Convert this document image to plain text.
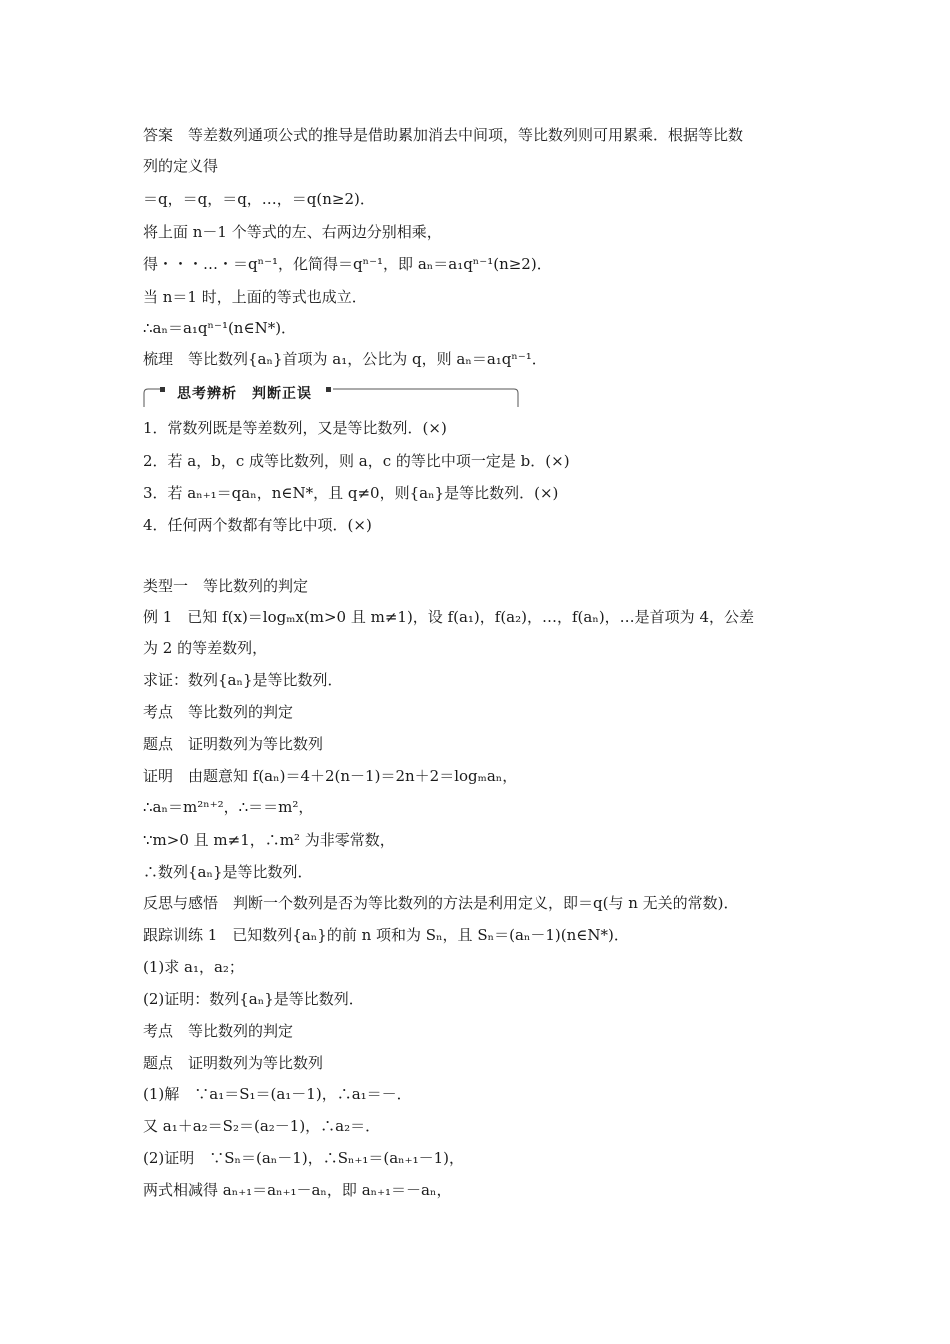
答案　等差数列通项公式的推导是借助累加消去中间项，等比数列则可用累乘．根据等比数
列的定义得
＝q，＝q，＝q，…，＝q(n≥2)．
将上面 n－1 个等式的左、右两边分别相乘，
得・・・…・＝qⁿ⁻¹，化简得＝qⁿ⁻¹，即 aₙ＝a₁qⁿ⁻¹(n≥2)．
当 n＝1 时，上面的等式也成立．
∴aₙ＝a₁qⁿ⁻¹(n∈N*)．
梳理　等比数列{aₙ}首项为 a₁，公比为 q，则 aₙ＝a₁qⁿ⁻¹．
思考辨析　判断正误
1．常数列既是等差数列，又是等比数列．(×)
2．若 a，b，c 成等比数列，则 a，c 的等比中项一定是 b．(×)
3．若 aₙ₊₁＝qaₙ，n∈N*，且 q≠0，则{aₙ}是等比数列．(×)
4．任何两个数都有等比中项．(×)
类型一　等比数列的判定
例 1　已知 f(x)＝logₘx(m>0 且 m≠1)，设 f(a₁)，f(a₂)，…，f(aₙ)，…是首项为 4，公差
为 2 的等差数列，
求证：数列{aₙ}是等比数列．
考点　等比数列的判定
题点　证明数列为等比数列
证明　由题意知 f(aₙ)＝4＋2(n－1)＝2n＋2＝logₘaₙ，
∴aₙ＝m²ⁿ⁺²，∴＝＝m²，
∵m>0 且 m≠1，∴m² 为非零常数，
∴数列{aₙ}是等比数列．
反思与感悟　判断一个数列是否为等比数列的方法是利用定义，即＝q(与 n 无关的常数)．
跟踪训练 1　已知数列{aₙ}的前 n 项和为 Sₙ，且 Sₙ＝(aₙ－1)(n∈N*)．
(1)求 a₁，a₂；
(2)证明：数列{aₙ}是等比数列．
考点　等比数列的判定
题点　证明数列为等比数列
(1)解　∵a₁＝S₁＝(a₁－1)，∴a₁＝－．
又 a₁＋a₂＝S₂＝(a₂－1)，∴a₂＝．
(2)证明　∵Sₙ＝(aₙ－1)，∴Sₙ₊₁＝(aₙ₊₁－1)，
两式相减得 aₙ₊₁＝aₙ₊₁－aₙ，即 aₙ₊₁＝－aₙ，
